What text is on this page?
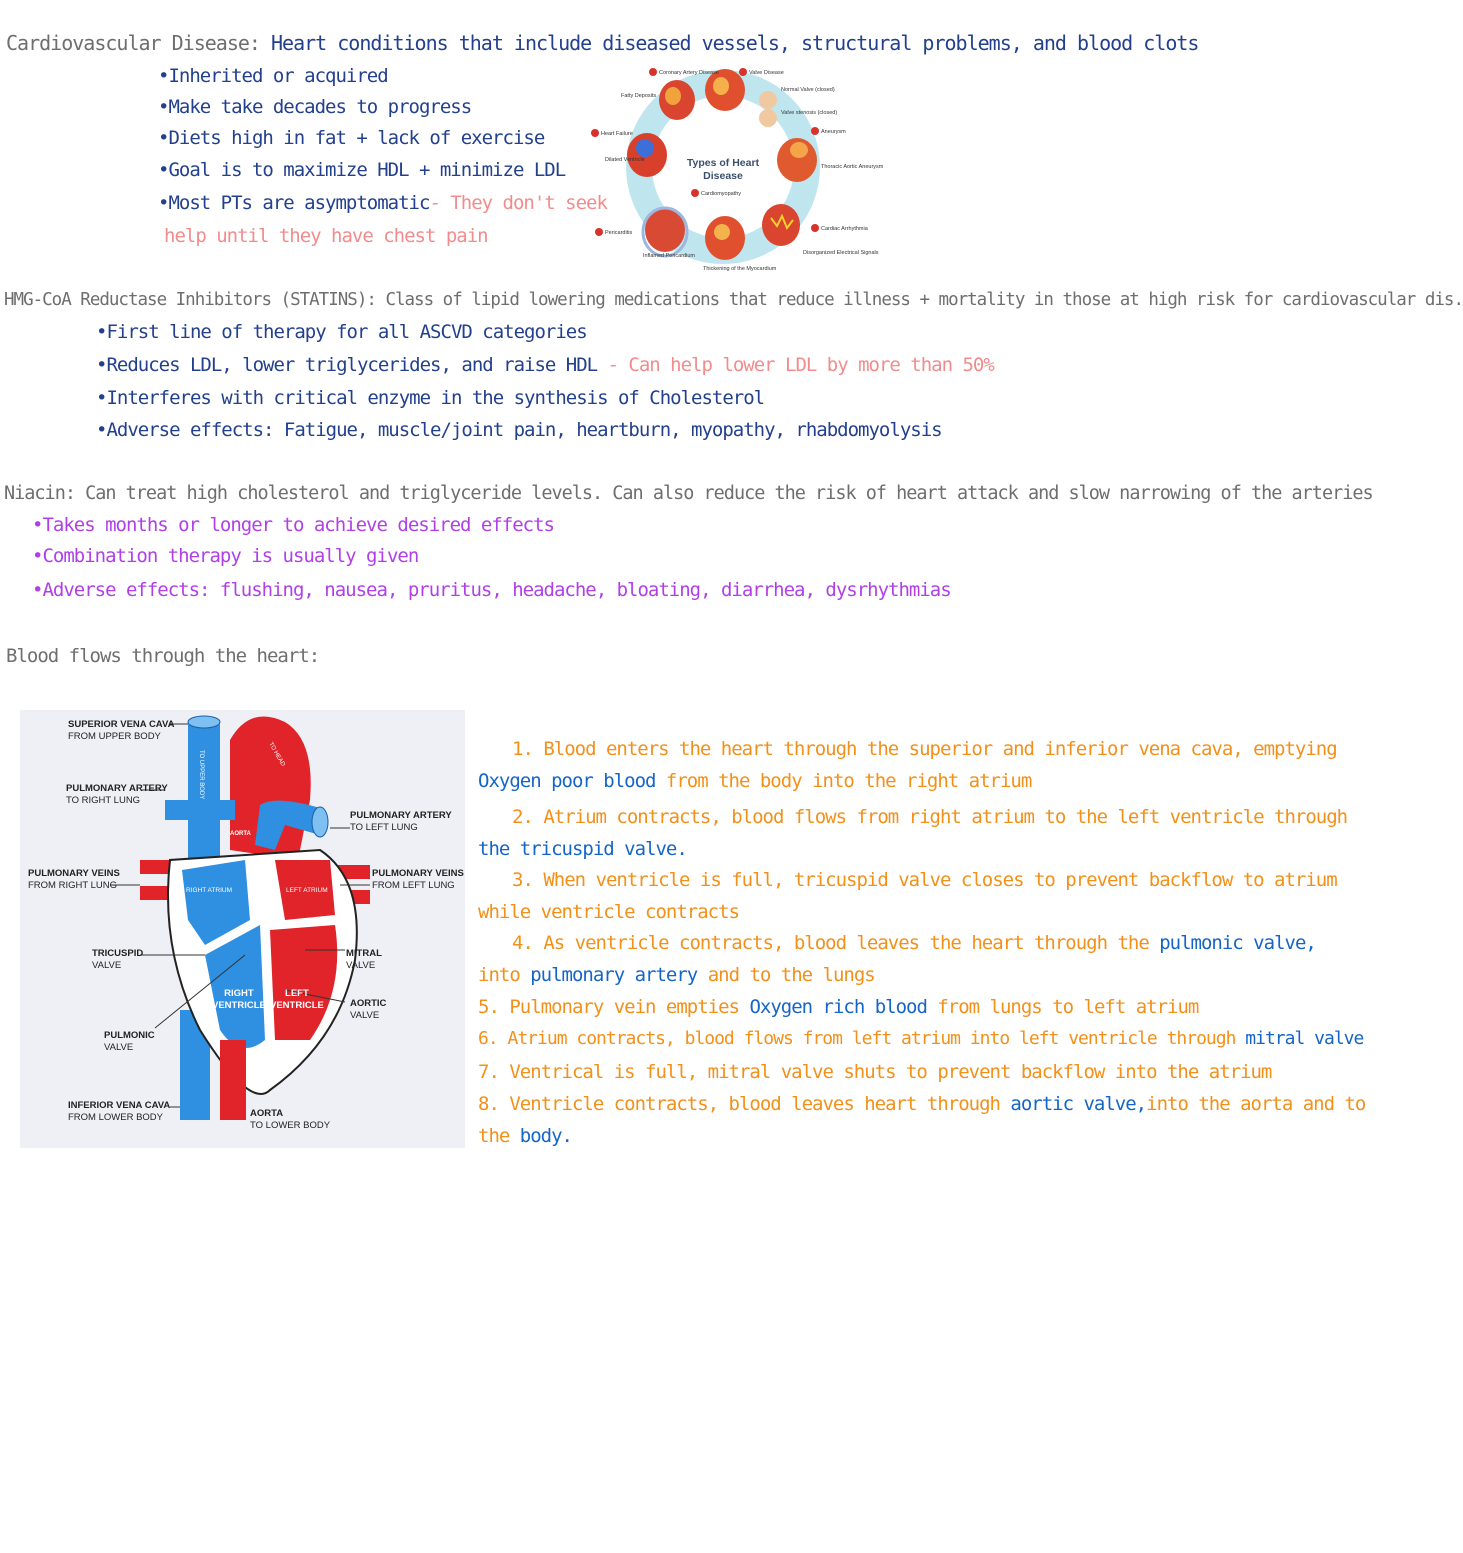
Cardiovascular Disease: Heart conditions that include diseased vessels, structural problems, and blood clots
•Inherited or acquired
•Make take decades to progress
•Diets high in fat + lack of exercise
•Goal is to maximize HDL + minimize LDL
•Most PTs are asymptomatic- They don't seek
help until they have chest pain
Types of Heart
Disease
Coronary Artery Disease	Valve Disease
Heart Failure	Aneurysm
Cardiomyopathy
Pericarditis
Cardiac Arrhythmia
Fatty Deposits
Normal Valve (closed)
Valve stenosis (closed)
Dilated Ventricle
Thoracic Aortic Aneurysm
Inflamed Pericardium	Disorganized Electrical Signals
Thickening of the Myocardium
HMG-CoA Reductase Inhibitors (STATINS): Class of lipid lowering medications that reduce illness + mortality in those at high risk for cardiovascular dis.
•First line of therapy for all ASCVD categories
•Reduces LDL, lower triglycerides, and raise HDL - Can help lower LDL by more than 50%
•Interferes with critical enzyme in the synthesis of Cholesterol
•Adverse effects: Fatigue, muscle/joint pain, heartburn, myopathy, rhabdomyolysis
Niacin: Can treat high cholesterol and triglyceride levels. Can also reduce the risk of heart attack and slow narrowing of the arteries
•Takes months or longer to achieve desired effects
•Combination therapy is usually given
•Adverse effects: flushing, nausea, pruritus, headache, bloating, diarrhea, dysrhythmias
Blood flows through the heart:
SUPERIOR VENA CAVA
FROM UPPER BODY
PULMONARY ARTERY
TO RIGHT LUNG
PULMONARY ARTERY
TO LEFT LUNG
PULMONARY VEINS
FROM RIGHT LUNG
PULMONARY VEINS
FROM LEFT LUNG
TRICUSPID
VALVE
MITRAL
VALVE
AORTIC
VALVE
PULMONIC
VALVE
INFERIOR VENA CAVA
FROM LOWER BODY	AORTA
TO LOWER BODY
RIGHT ATRIUM	LEFT ATRIUM
RIGHT
VENTRICLE
LEFT
VENTRICLE
AORTA
TO UPPER BODY	TO HEAD	1. Blood enters the heart through the superior and inferior vena cava, emptying
Oxygen poor blood from the body into the right atrium
2. Atrium contracts, blood flows from right atrium to the left ventricle through
the tricuspid valve.
3. When ventricle is full, tricuspid valve closes to prevent backflow to atrium
while ventricle contracts
4. As ventricle contracts, blood leaves the heart through the pulmonic valve,
into pulmonary artery and to the lungs
5. Pulmonary vein empties Oxygen rich blood from lungs to left atrium
6. Atrium contracts, blood flows from left atrium into left ventricle through mitral valve
7. Ventrical is full, mitral valve shuts to prevent backflow into the atrium
8. Ventricle contracts, blood leaves heart through aortic valve,into the aorta and to
the body.
